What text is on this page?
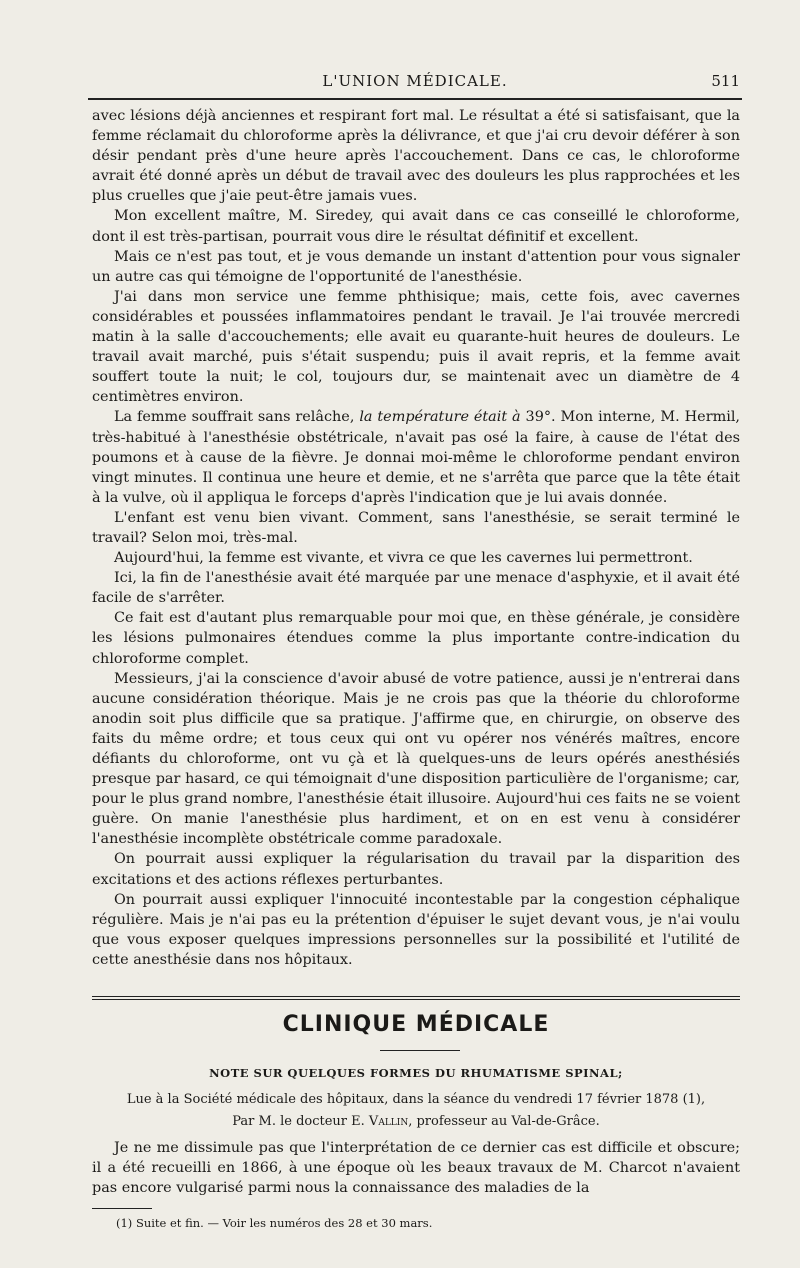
L'UNION MÉDICALE.	511

avec lésions déjà anciennes et respirant fort mal. Le résultat a été si satisfaisant, que la femme réclamait du chloroforme après la délivrance, et que j'ai cru devoir déférer à son désir pendant près d'une heure après l'accouchement. Dans ce cas, le chloroforme avrait été donné après un début de travail avec des douleurs les plus rapprochées et les plus cruelles que j'aie peut-être jamais vues.

Mon excellent maître, M. Siredey, qui avait dans ce cas conseillé le chloroforme, dont il est très-partisan, pourrait vous dire le résultat définitif et excellent.

Mais ce n'est pas tout, et je vous demande un instant d'attention pour vous signaler un autre cas qui témoigne de l'opportunité de l'anesthésie.

J'ai dans mon service une femme phthisique; mais, cette fois, avec cavernes considérables et poussées inflammatoires pendant le travail. Je l'ai trouvée mercredi matin à la salle d'accouchements; elle avait eu quarante-huit heures de douleurs. Le travail avait marché, puis s'était suspendu; puis il avait repris, et la femme avait souffert toute la nuit; le col, toujours dur, se maintenait avec un diamètre de 4 centimètres environ.

La femme souffrait sans relâche, la température était à 39°. Mon interne, M. Hermil, très-habitué à l'anesthésie obstétricale, n'avait pas osé la faire, à cause de l'état des poumons et à cause de la fièvre. Je donnai moi-même le chloroforme pendant environ vingt minutes. Il continua une heure et demie, et ne s'arrêta que parce que la tête était à la vulve, où il appliqua le forceps d'après l'indication que je lui avais donnée.

L'enfant est venu bien vivant. Comment, sans l'anesthésie, se serait terminé le travail? Selon moi, très-mal.

Aujourd'hui, la femme est vivante, et vivra ce que les cavernes lui permettront.

Ici, la fin de l'anesthésie avait été marquée par une menace d'asphyxie, et il avait été facile de s'arrêter.

Ce fait est d'autant plus remarquable pour moi que, en thèse générale, je considère les lésions pulmonaires étendues comme la plus importante contre-indication du chloroforme complet.

Messieurs, j'ai la conscience d'avoir abusé de votre patience, aussi je n'entrerai dans aucune considération théorique. Mais je ne crois pas que la théorie du chloroforme anodin soit plus difficile que sa pratique. J'affirme que, en chirurgie, on observe des faits du même ordre; et tous ceux qui ont vu opérer nos vénérés maîtres, encore défiants du chloroforme, ont vu çà et là quelques-uns de leurs opérés anesthésiés presque par hasard, ce qui témoignait d'une disposition particulière de l'organisme; car, pour le plus grand nombre, l'anesthésie était illusoire. Aujourd'hui ces faits ne se voient guère. On manie l'anesthésie plus hardiment, et on en est venu à considérer l'anesthésie incomplète obstétricale comme paradoxale.

On pourrait aussi expliquer la régularisation du travail par la disparition des excitations et des actions réflexes perturbantes.

On pourrait aussi expliquer l'innocuité incontestable par la congestion céphalique régulière. Mais je n'ai pas eu la prétention d'épuiser le sujet devant vous, je n'ai voulu que vous exposer quelques impressions personnelles sur la possibilité et l'utilité de cette anesthésie dans nos hôpitaux.

CLINIQUE MÉDICALE
NOTE SUR QUELQUES FORMES DU RHUMATISME SPINAL;
Lue à la Société médicale des hôpitaux, dans la séance du vendredi 17 février 1878 (1),
Par M. le docteur E. Vallin, professeur au Val-de-Grâce.

Je ne me dissimule pas que l'interprétation de ce dernier cas est difficile et obscure; il a été recueilli en 1866, à une époque où les beaux travaux de M. Charcot n'avaient pas encore vulgarisé parmi nous la connaissance des maladies de la

(1) Suite et fin. — Voir les numéros des 28 et 30 mars.
